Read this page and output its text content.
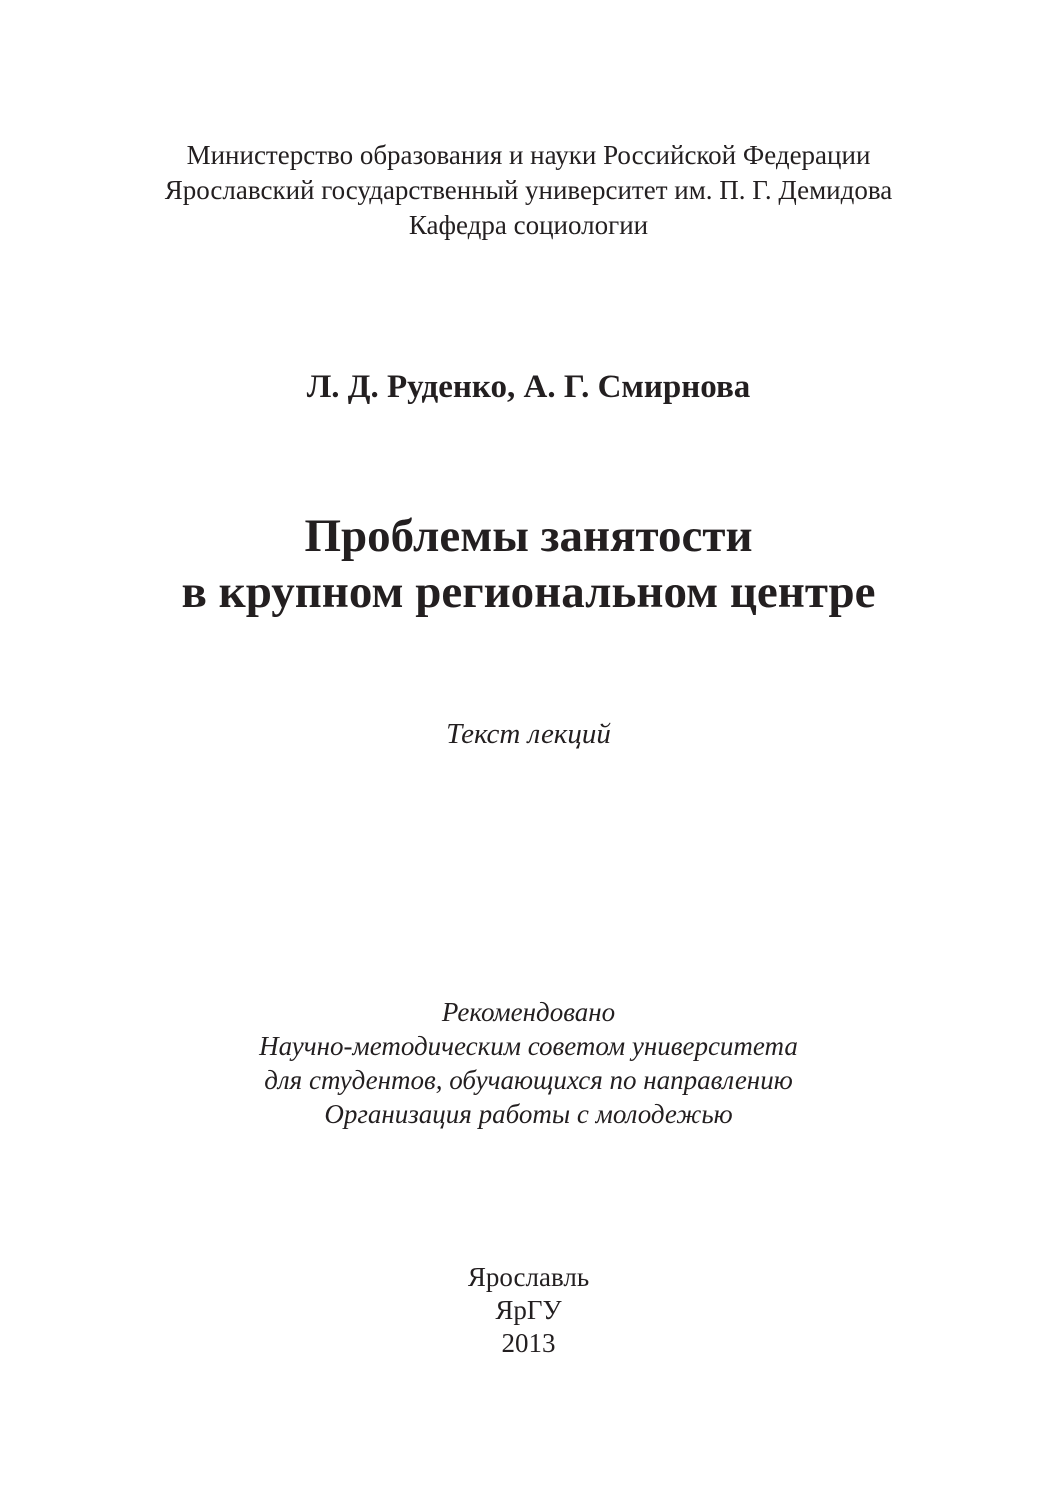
Министерство образования и науки Российской Федерации
Ярославский государственный университет им. П. Г. Демидова
Кафедра социологии
Л. Д. Руденко, А. Г. Смирнова
Проблемы занятости
в крупном региональном центре
Текст лекций
Рекомендовано
Научно-методическим советом университета
для студентов, обучающихся по направлению
Организация работы с молодежью
Ярославль
ЯрГУ
2013
